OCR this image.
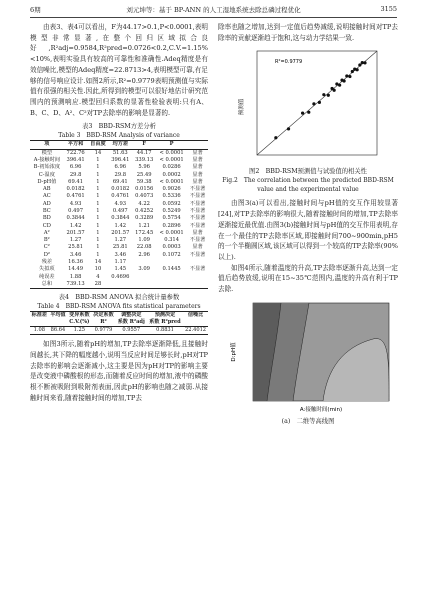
6期	刘元坤等：基于 BP-ANN 的人工湿地系统去除总磷过程优化	3155

由表3、表4可以看出，F为44.17>0.1,P<0.0001,表明模型非常显著,在整个回归区域拟合良好,R²adj=0.9584,R²pred=0.0726<0.2,C.V.=1.15%<10%,表明实验具有较高的可靠性和准确性.Adeq精度是有效信噪比,模型的Adeq精度=22.8713>4,表明模型可靠,有足够的信号响应设计.如图2所示,R²=0.9779表明预测值与实际值有很强的相关性.因此,所得到的模型可以很好地估计研究范围内的预测响应.模型回归系数的显著性检验表明:只有A、B、C、D、A²、C²对TP去除率的影响是显著的.

表3　BBD-RSM方差分析

Table 3　BBD-RSM Analysis of variance

项	平方和	自由度	均方差	F	P	
模型	722.76	14	51.63	44.17	< 0.0001	显著
A-接触时间	396.41	1	396.41	339.13	< 0.0001	显著
B-初始浓度	6.96	1	6.96	5.96	0.0286	显著
C-温度	29.8	1	29.8	25.49	0.0002	显著
D-pH值	69.41	1	69.41	59.38	< 0.0001	显著
AB	0.0182	1	0.0182	0.0156	0.9026	不显著
AC	0.4761	1	0.4761	0.4073	0.5336	不显著
AD	4.93	1	4.93	4.22	0.0592	不显著
BC	0.497	1	0.497	0.4252	0.5249	不显著
BD	0.3844	1	0.3844	0.3289	0.5754	不显著
CD	1.42	1	1.42	1.21	0.2896	不显著
A²	201.57	1	201.57	172.45	< 0.0001	显著
B²	1.27	1	1.27	1.09	0.314	不显著
C²	25.81	1	25.81	22.08	0.0003	显著
D²	3.46	1	3.46	2.96	0.1072	不显著
残差	16.36	14	1.17			
失拟项	14.49	10	1.45	3.09	0.1445	不显著
纯误差	1.88	4	0.4696			
总和	739.13	28				

表4　BBD-RSM ANOVA 拟合统计量参数

Table 4　BBD-RSM ANOVA fits statistical parameters

标准差	平均值	变异系数	决定系数	调整决定	预测决定	信噪比
		C.V.(%)	R²	系数 R²adj	系数 R²pred	
1.08	86.64	1.25	0.9779	0.9557	0.8831	22.4012

如图3所示,随着pH的增加,TP去除率逐渐降低,且接触时间越长,其下降的幅度越小,说明当反应时间足够长时,pH对TP去除率的影响会逐渐减小,这主要是因为pH对TP的影响主要是改变液中磷酸根的形态,而随着反应时间的增加,液中的磷酸根不断被吸附到吸附剂表面,因此pH的影响也随之减弱.从接触时间来看,随着接触时间的增加,TP去

除率也随之增加,达到一定值后趋势减缓,说明接触时间对TP去除率的贡献逐渐趋于饱和,这与动力学结果一致.

R²=0.9779
预测值

图2　BBD-RSM预测值与试验值的相关性

Fig.2　The correlation between the predicted BBD-RSM value and the experimental value

由图3(a)可以看出,接触时间与pH值的交互作用较显著[24],对TP去除率的影响很大,随着接触时间的增加,TP去除率逐渐接近最优值.由图3(b)接触时间与pH值的交互作用表明,存在一个最佳的TP去除率区域,即接触时间700~900min,pH5的一个半椭圆区域,该区域可以得到一个较高的TP去除率(90%以上).

如图4所示,随着温度的升高,TP去除率逐渐升高,达到一定值后趋势放缓,说明在15~35℃范围内,温度的升高有利于TP去除.

D:pH值
A:接触时间(min)

(a)　二维等高线图
